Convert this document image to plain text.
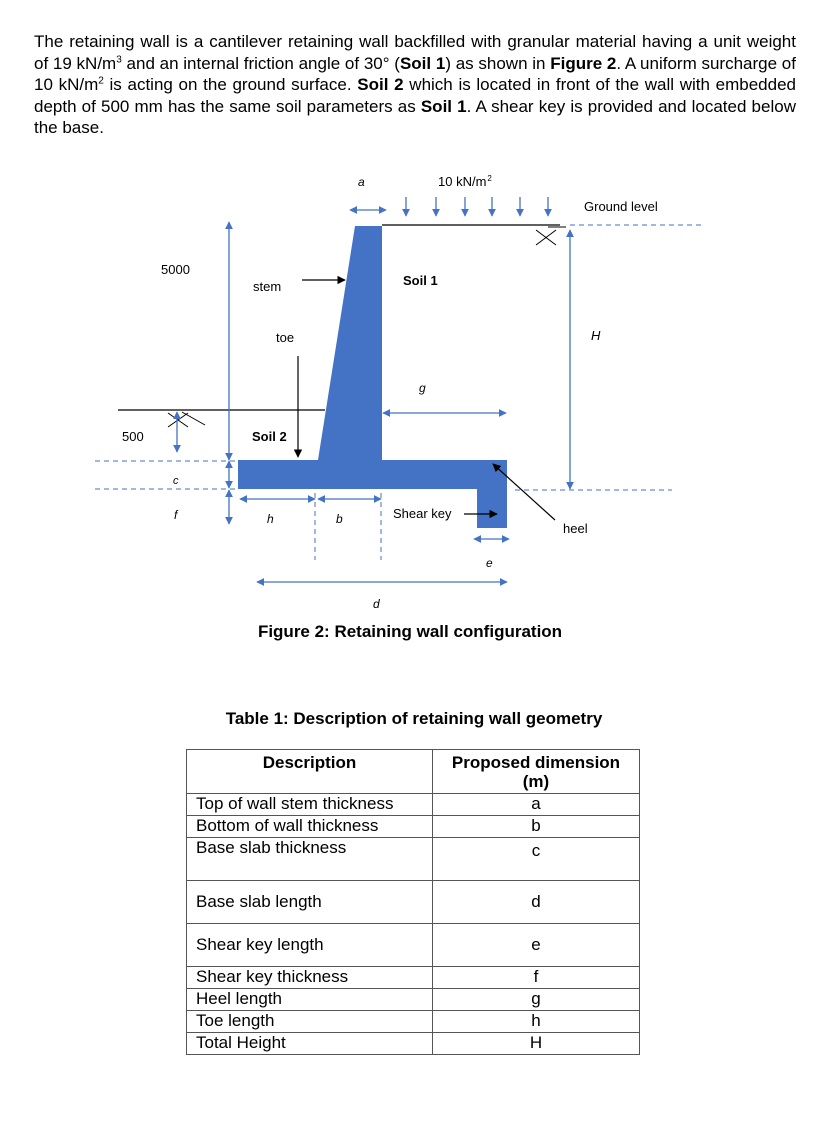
The retaining wall is a cantilever retaining wall backfilled with granular material having a unit weight of 19 $kN/m^3$ and an internal friction angle of 30° (Soil 1) as shown in Figure 2. A uniform surcharge of 10 $kN/m^2$ is acting on the ground surface. Soil 2 which is located in front of the wall with embedded depth of 500 mm has the same soil parameters as Soil 1. A shear key is provided and located below the base.

a	10 $kN/m^2$
Ground level
5000
stem	Soil 1
toe	H
g
500	Soil 2
c
f	h	b	Shear key
heel
e
d
Figure 2: Retaining wall configuration
Table 1: Description of retaining wall geometry
Description	Proposed dimension (m)
Top of wall stem thickness	a
Bottom of wall thickness	b
Base slab thickness	c
Base slab length	d
Shear key length	e
Shear key thickness	f
Heel length	g
Toe length	h
Total Height	H
